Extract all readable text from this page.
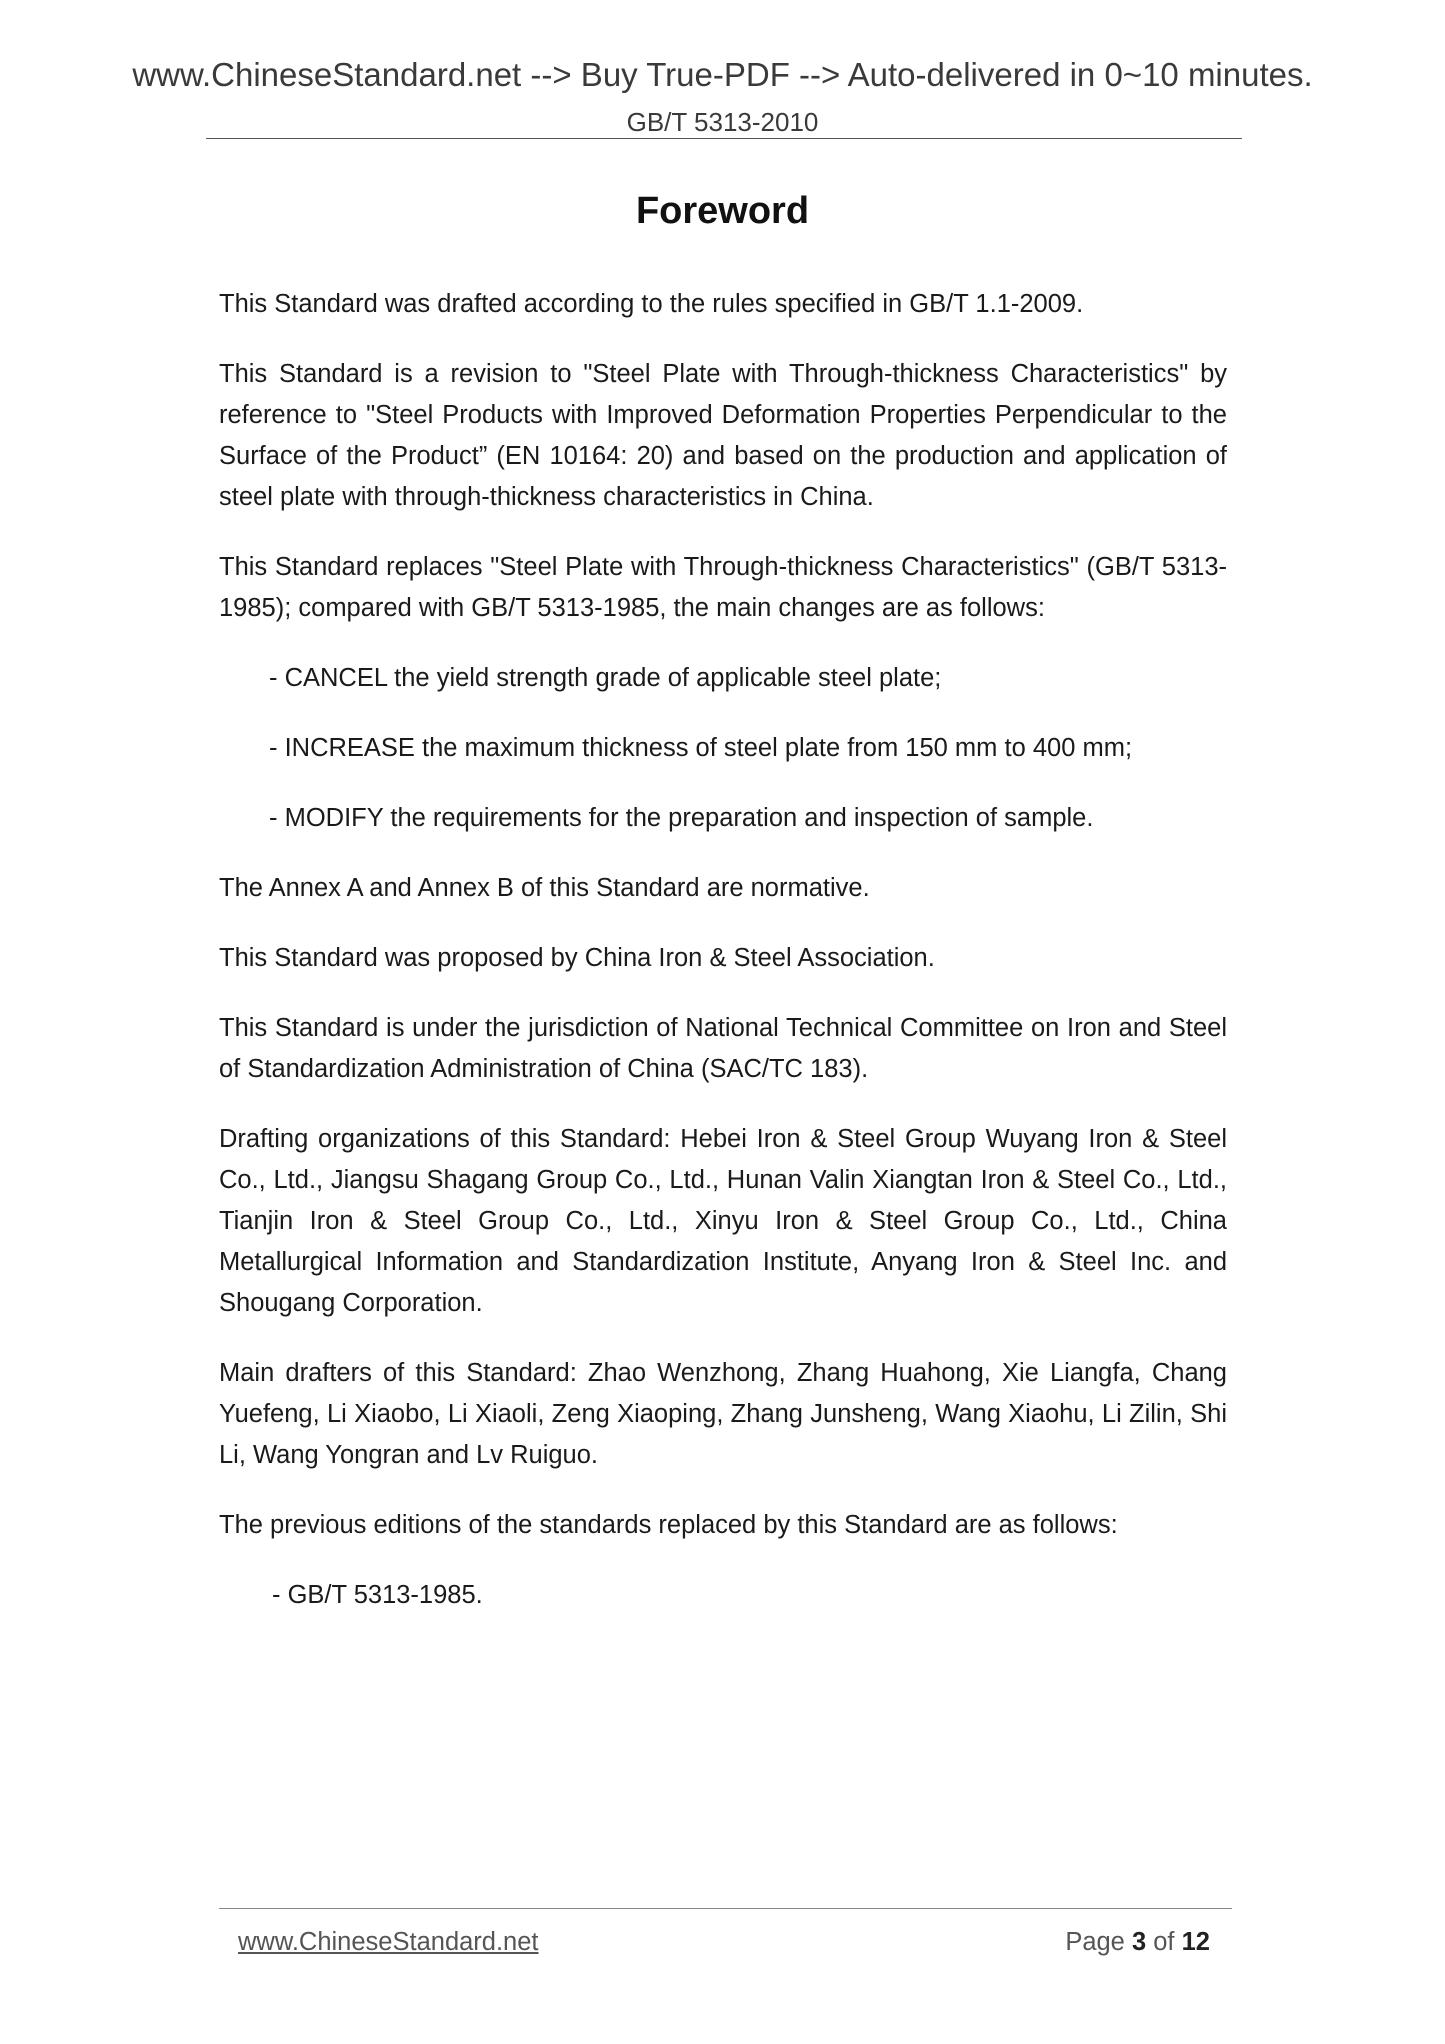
www.ChineseStandard.net --> Buy True-PDF --> Auto-delivered in 0~10 minutes.
GB/T 5313-2010
Foreword

This Standard was drafted according to the rules specified in GB/T 1.1-2009.

This Standard is a revision to "Steel Plate with Through-thickness Characteristics" by reference to "Steel Products with Improved Deformation Properties Perpendicular to the Surface of the Product” (EN 10164: 20) and based on the production and application of steel plate with through-thickness characteristics in China.

This Standard replaces "Steel Plate with Through-thickness Characteristics" (GB/T 5313-1985); compared with GB/T 5313-1985, the main changes are as follows:

- CANCEL the yield strength grade of applicable steel plate;

- INCREASE the maximum thickness of steel plate from 150 mm to 400 mm;

- MODIFY the requirements for the preparation and inspection of sample.

The Annex A and Annex B of this Standard are normative.

This Standard was proposed by China Iron & Steel Association.

This Standard is under the jurisdiction of National Technical Committee on Iron and Steel of Standardization Administration of China (SAC/TC 183).

Drafting organizations of this Standard: Hebei Iron & Steel Group Wuyang Iron & Steel Co., Ltd., Jiangsu Shagang Group Co., Ltd., Hunan Valin Xiangtan Iron & Steel Co., Ltd., Tianjin Iron & Steel Group Co., Ltd., Xinyu Iron & Steel Group Co., Ltd., China Metallurgical Information and Standardization Institute, Anyang Iron & Steel Inc. and Shougang Corporation.

Main drafters of this Standard: Zhao Wenzhong, Zhang Huahong, Xie Liangfa, Chang Yuefeng, Li Xiaobo, Li Xiaoli, Zeng Xiaoping, Zhang Junsheng, Wang Xiaohu, Li Zilin, Shi Li, Wang Yongran and Lv Ruiguo.

The previous editions of the standards replaced by this Standard are as follows:

- GB/T 5313-1985.

www.ChineseStandard.net	Page 3 of 12
